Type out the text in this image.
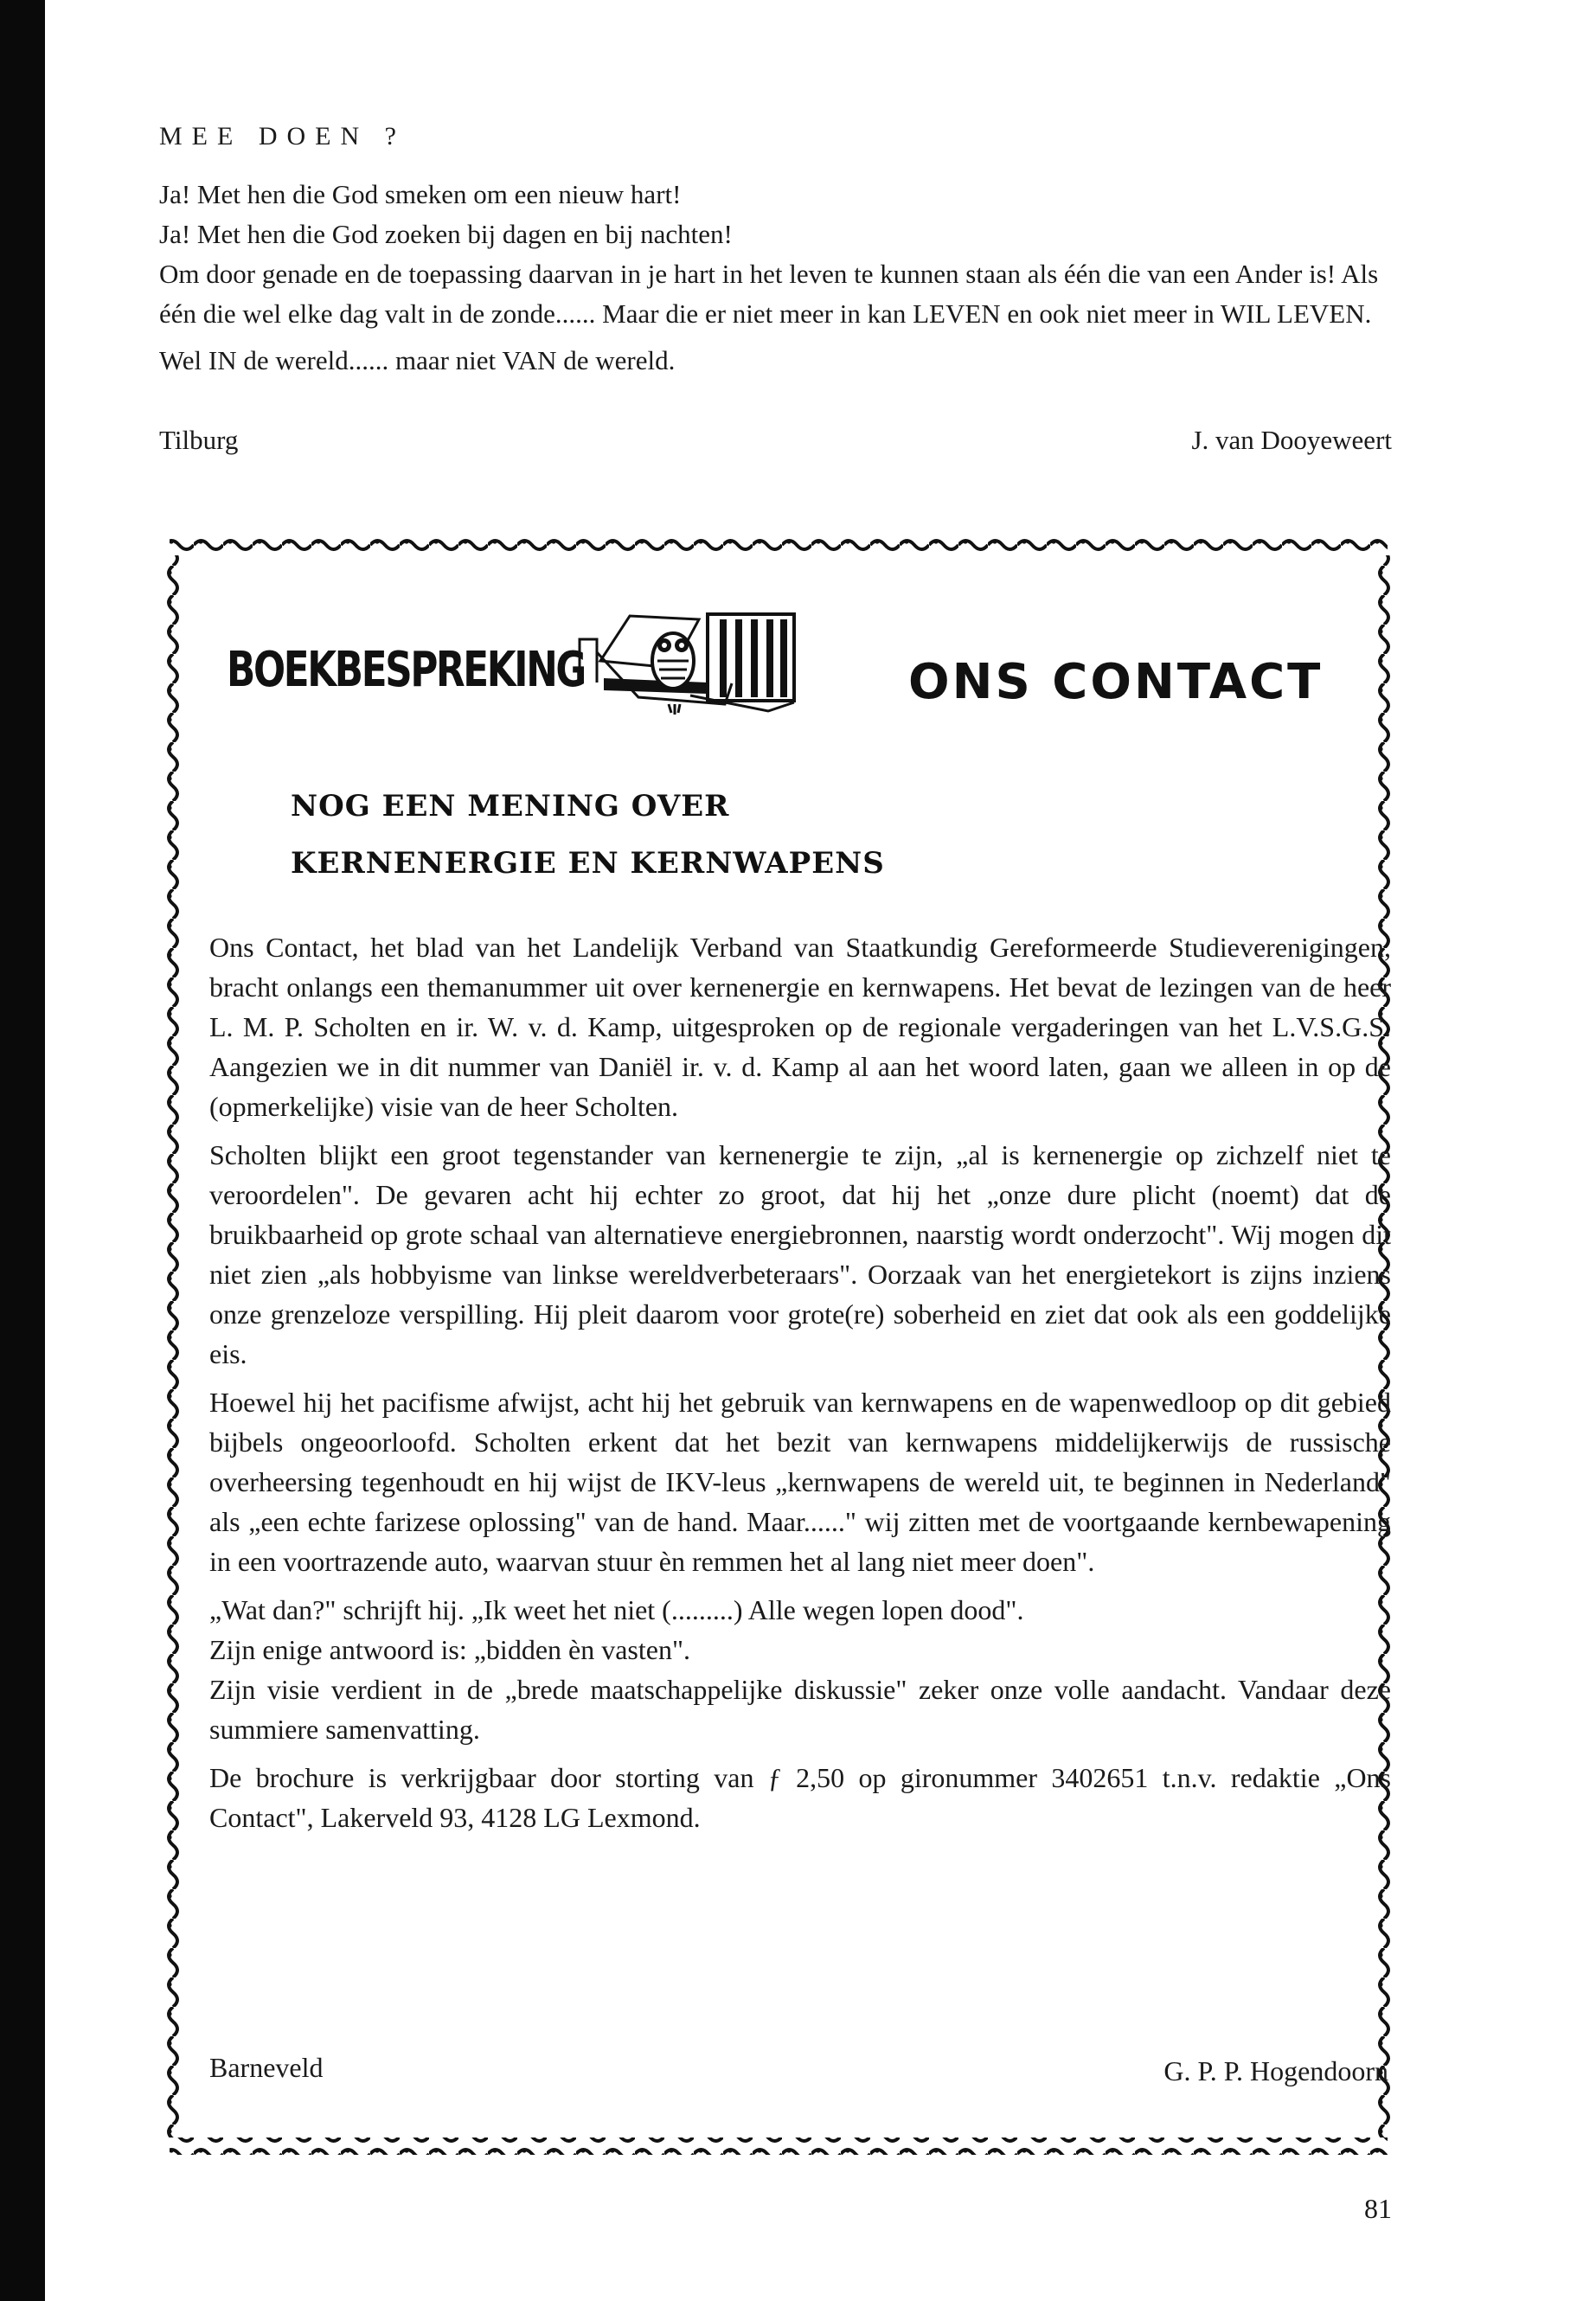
MEE DOEN ?

Ja! Met hen die God smeken om een nieuw hart!

Ja! Met hen die God zoeken bij dagen en bij nachten!

Om door genade en de toepassing daarvan in je hart in het leven te kunnen staan als één die van een Ander is! Als één die wel elke dag valt in de zonde...... Maar die er niet meer in kan LEVEN en ook niet meer in WIL LEVEN.

Wel IN de wereld...... maar niet VAN de wereld.

Tilburg	J. van Dooyeweert
BOEKBESPREKING	ONS CONTACT
NOG EEN MENING OVER
KERNENERGIE EN KERNWAPENS

Ons Contact, het blad van het Landelijk Verband van Staatkundig Gereformeerde Studieverenigingen, bracht onlangs een themanummer uit over kernenergie en kernwapens. Het bevat de lezingen van de heer L. M. P. Scholten en ir. W. v. d. Kamp, uitgesproken op de regionale vergaderingen van het L.V.S.G.S. Aangezien we in dit nummer van Daniël ir. v. d. Kamp al aan het woord laten, gaan we alleen in op de (opmerkelijke) visie van de heer Scholten.

Scholten blijkt een groot tegenstander van kernenergie te zijn, „al is kernenergie op zichzelf niet te veroordelen". De gevaren acht hij echter zo groot, dat hij het „onze dure plicht (noemt) dat de bruikbaarheid op grote schaal van alternatieve energiebronnen, naarstig wordt onderzocht". Wij mogen dit niet zien „als hobbyisme van linkse wereldverbeteraars". Oorzaak van het energietekort is zijns inziens onze grenzeloze verspilling. Hij pleit daarom voor grote(re) soberheid en ziet dat ook als een goddelijke eis.

Hoewel hij het pacifisme afwijst, acht hij het gebruik van kernwapens en de wapenwedloop op dit gebied bijbels ongeoorloofd. Scholten erkent dat het bezit van kernwapens middelijkerwijs de russische overheersing tegenhoudt en hij wijst de IKV-leus „kernwapens de wereld uit, te beginnen in Nederland" als „een echte farizese oplossing" van de hand. Maar......" wij zitten met de voortgaande kernbewapening in een voortrazende auto, waarvan stuur èn remmen het al lang niet meer doen".

„Wat dan?" schrijft hij. „Ik weet het niet (.........) Alle wegen lopen dood".

Zijn enige antwoord is: „bidden èn vasten".

Zijn visie verdient in de „brede maatschappelijke diskussie" zeker onze volle aandacht. Vandaar deze summiere samenvatting.

De brochure is verkrijgbaar door storting van ƒ 2,50 op gironummer 3402651 t.n.v. redaktie „Ons Contact", Lakerveld 93, 4128 LG Lexmond.

Barneveld	G. P. P. Hogendoorn
81
